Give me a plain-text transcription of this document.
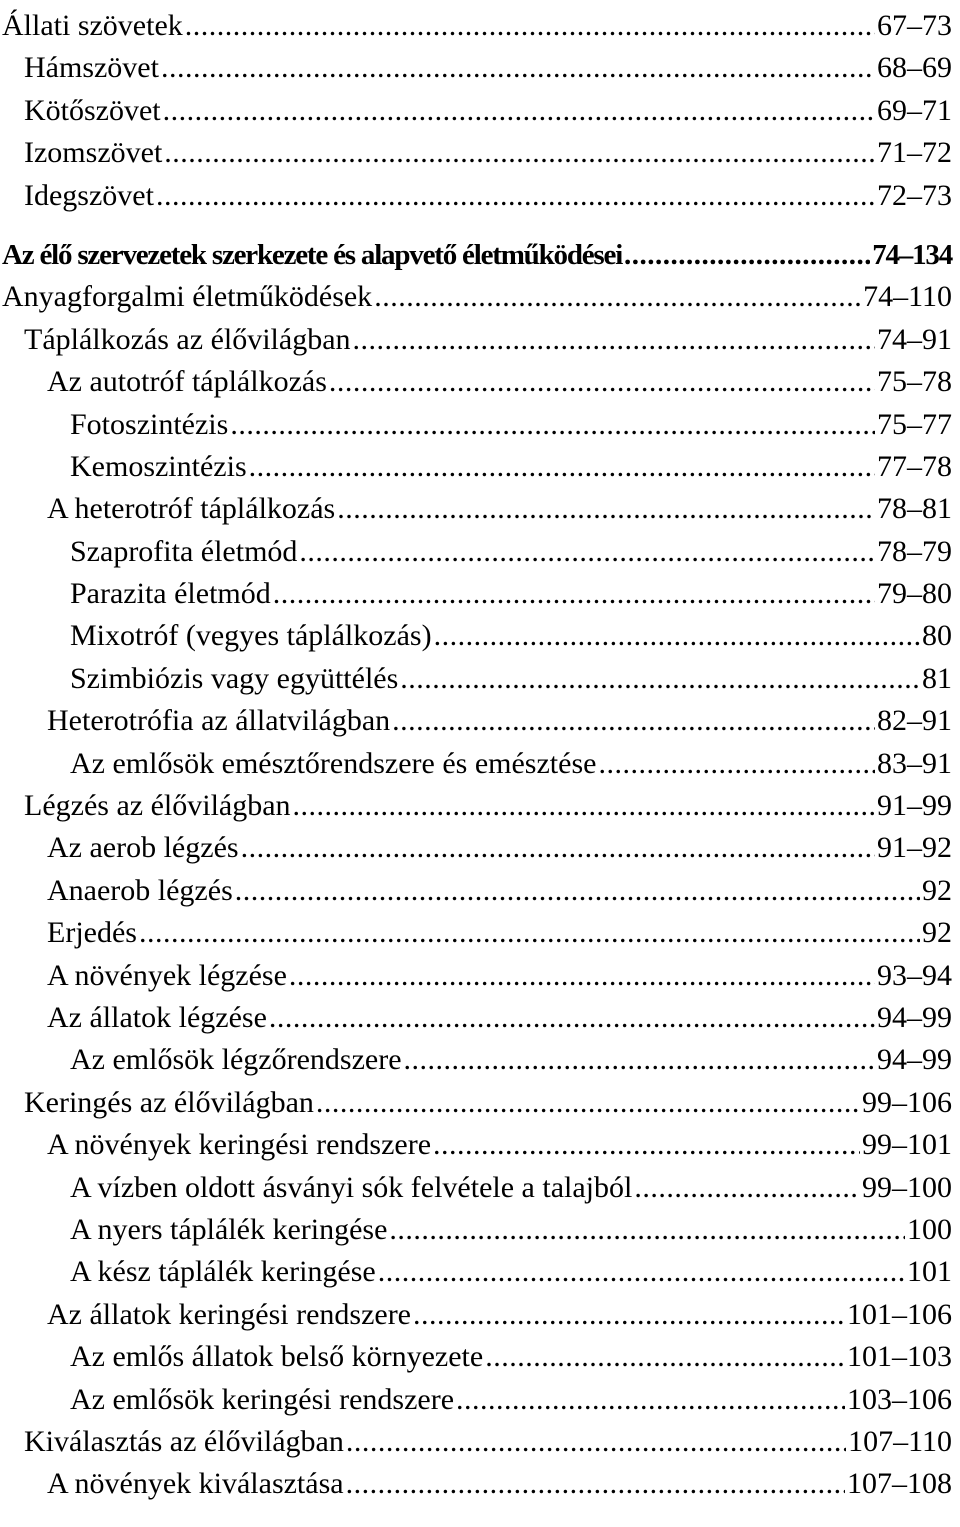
Állati szövetek .....	67–73
Hámszövet .....	68–69
Kötőszövet .....	69–71
Izomszövet .....	71–72
Idegszövet .....	72–73
Az élő szervezetek szerkezete és alapvető életműködései .....	74–134
Anyagforgalmi életműködések .....	74–110
Táplálkozás az élővilágban .....	74–91
Az autotróf táplálkozás .....	75–78
Fotoszintézis .....	75–77
Kemoszintézis .....	77–78
A heterotróf táplálkozás .....	78–81
Szaprofita életmód .....	78–79
Parazita életmód .....	79–80
Mixotróf (vegyes táplálkozás) .....	80
Szimbiózis vagy együttélés .....	81
Heterotrófia az állatvilágban .....	82–91
Az emlősök emésztőrendszere és emésztése .....	83–91
Légzés az élővilágban .....	91–99
Az aerob légzés .....	91–92
Anaerob légzés .....	92
Erjedés .....	92
A növények légzése .....	93–94
Az állatok légzése .....	94–99
Az emlősök légzőrendszere .....	94–99
Keringés az élővilágban .....	99–106
A növények keringési rendszere .....	99–101
A vízben oldott ásványi sók felvétele a talajból .....	99–100
A nyers táplálék keringése .....	100
A kész táplálék keringése .....	101
Az állatok keringési rendszere .....	101–106
Az emlős állatok belső környezete .....	101–103
Az emlősök keringési rendszere .....	103–106
Kiválasztás az élővilágban .....	107–110
A növények kiválasztása .....	107–108
